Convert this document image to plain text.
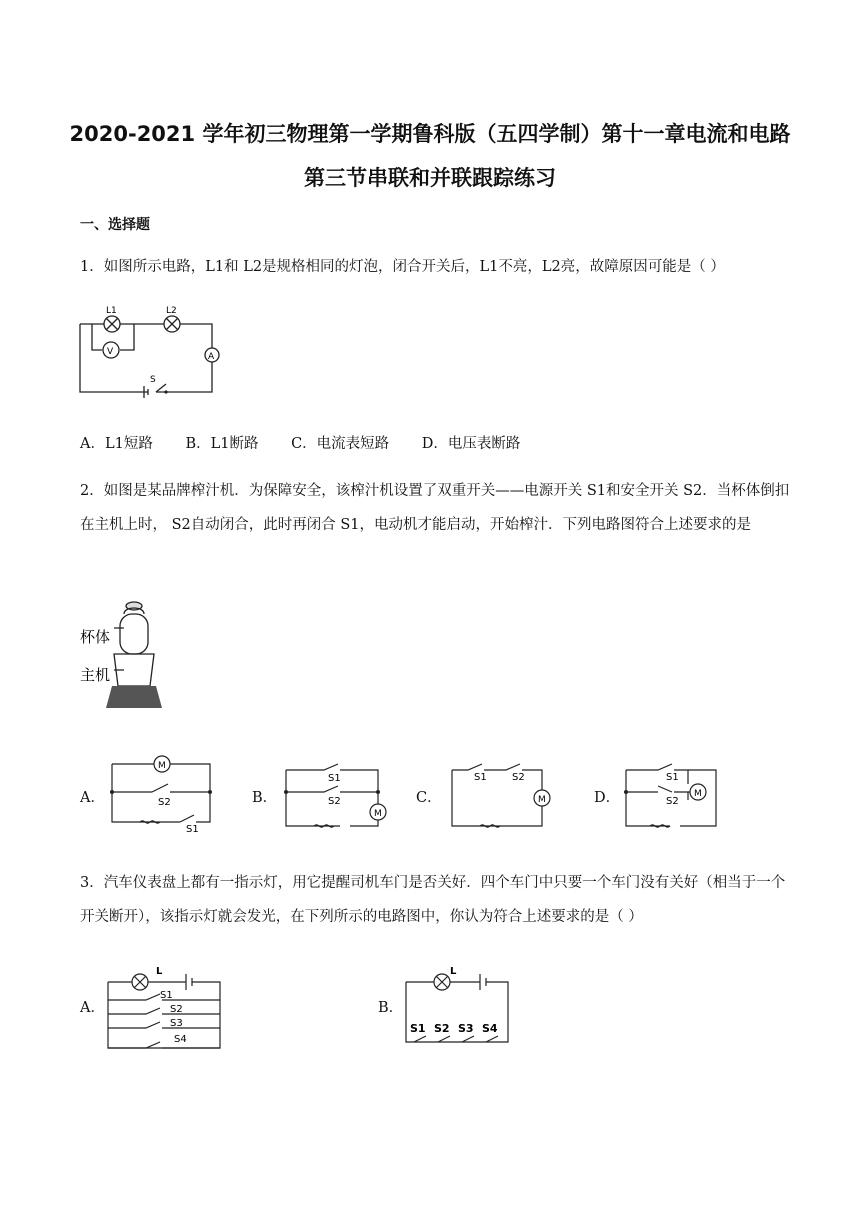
2020-2021 学年初三物理第一学期鲁科版（五四学制）第十一章电流和电路
第三节串联和并联跟踪练习
一、选择题
1．如图所示电路，L1和 L2是规格相同的灯泡，闭合开关后，L1不亮，L2亮，故障原因可能是（ ）
L1	L2
V	A
S
A．L1短路 B．L1断路 C．电流表短路 D．电压表断路
2．如图是某品牌榨汁机．为保障安全，该榨汁机设置了双重开关——电源开关 S1和安全开关 S2．当杯体倒扣在主机上时， S2自动闭合，此时再闭合 S1，电动机才能启动，开始榨汁．下列电路图符合上述要求的是
杯体
主机
A．
M
S2
S1
B．
S1
S2
M
C．
S1	S2
M	D．
S1
S2
M
3．汽车仪表盘上都有一指示灯，用它提醒司机车门是否关好．四个车门中只要一个车门没有关好（相当于一个开关断开），该指示灯就会发光，在下列所示的电路图中，你认为符合上述要求的是（ ）
A．
L
S1
S2
S3
S4
B．
L
S1 S2 S3 S4
